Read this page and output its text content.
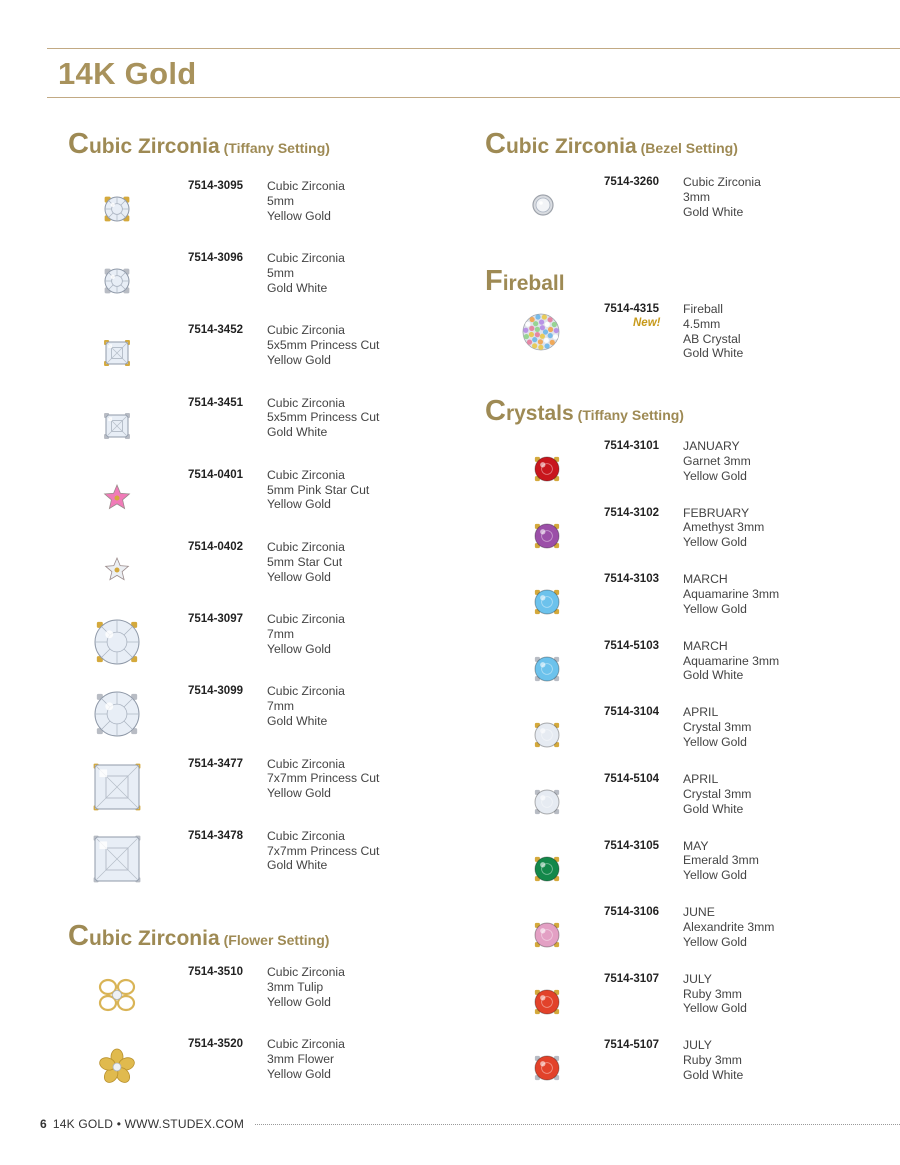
14K Gold
Cubic Zirconia (Tiffany Setting)	Cubic Zirconia (Bezel Setting)
Fireball
Crystals (Tiffany Setting)
Cubic Zirconia (Flower Setting)
7514-3095 Cubic Zirconia
5mm
Yellow Gold
7514-3096 Cubic Zirconia
5mm
Gold White
7514-3452 Cubic Zirconia
5x5mm Princess Cut
Yellow Gold
7514-3451 Cubic Zirconia
5x5mm Princess Cut
Gold White
7514-0401 Cubic Zirconia
5mm Pink Star Cut
Yellow Gold
7514-0402 Cubic Zirconia
5mm Star Cut
Yellow Gold
7514-3097 Cubic Zirconia
7mm
Yellow Gold
7514-3099 Cubic Zirconia
7mm
Gold White
7514-3477 Cubic Zirconia
7x7mm Princess Cut
Yellow Gold
7514-3478 Cubic Zirconia
7x7mm Princess Cut
Gold White
7514-3510 Cubic Zirconia
3mm Tulip
Yellow Gold
7514-3520 Cubic Zirconia
3mm Flower
Yellow Gold
7514-3260 Cubic Zirconia
3mm
Gold White
7514-4315
New!
Fireball
4.5mm
AB Crystal
Gold White
7514-3101 JANUARY
Garnet 3mm
Yellow Gold
7514-3102 FEBRUARY
Amethyst 3mm
Yellow Gold
7514-3103 MARCH
Aquamarine 3mm
Yellow Gold
7514-5103 MARCH
Aquamarine 3mm
Gold White
7514-3104 APRIL
Crystal 3mm
Yellow Gold
7514-5104 APRIL
Crystal 3mm
Gold White
7514-3105 MAY
Emerald 3mm
Yellow Gold
7514-3106 JUNE
Alexandrite 3mm
Yellow Gold
7514-3107 JULY
Ruby 3mm
Yellow Gold
7514-5107 JULY
Ruby 3mm
Gold White
6 14K GOLD • WWW.STUDEX.COM
